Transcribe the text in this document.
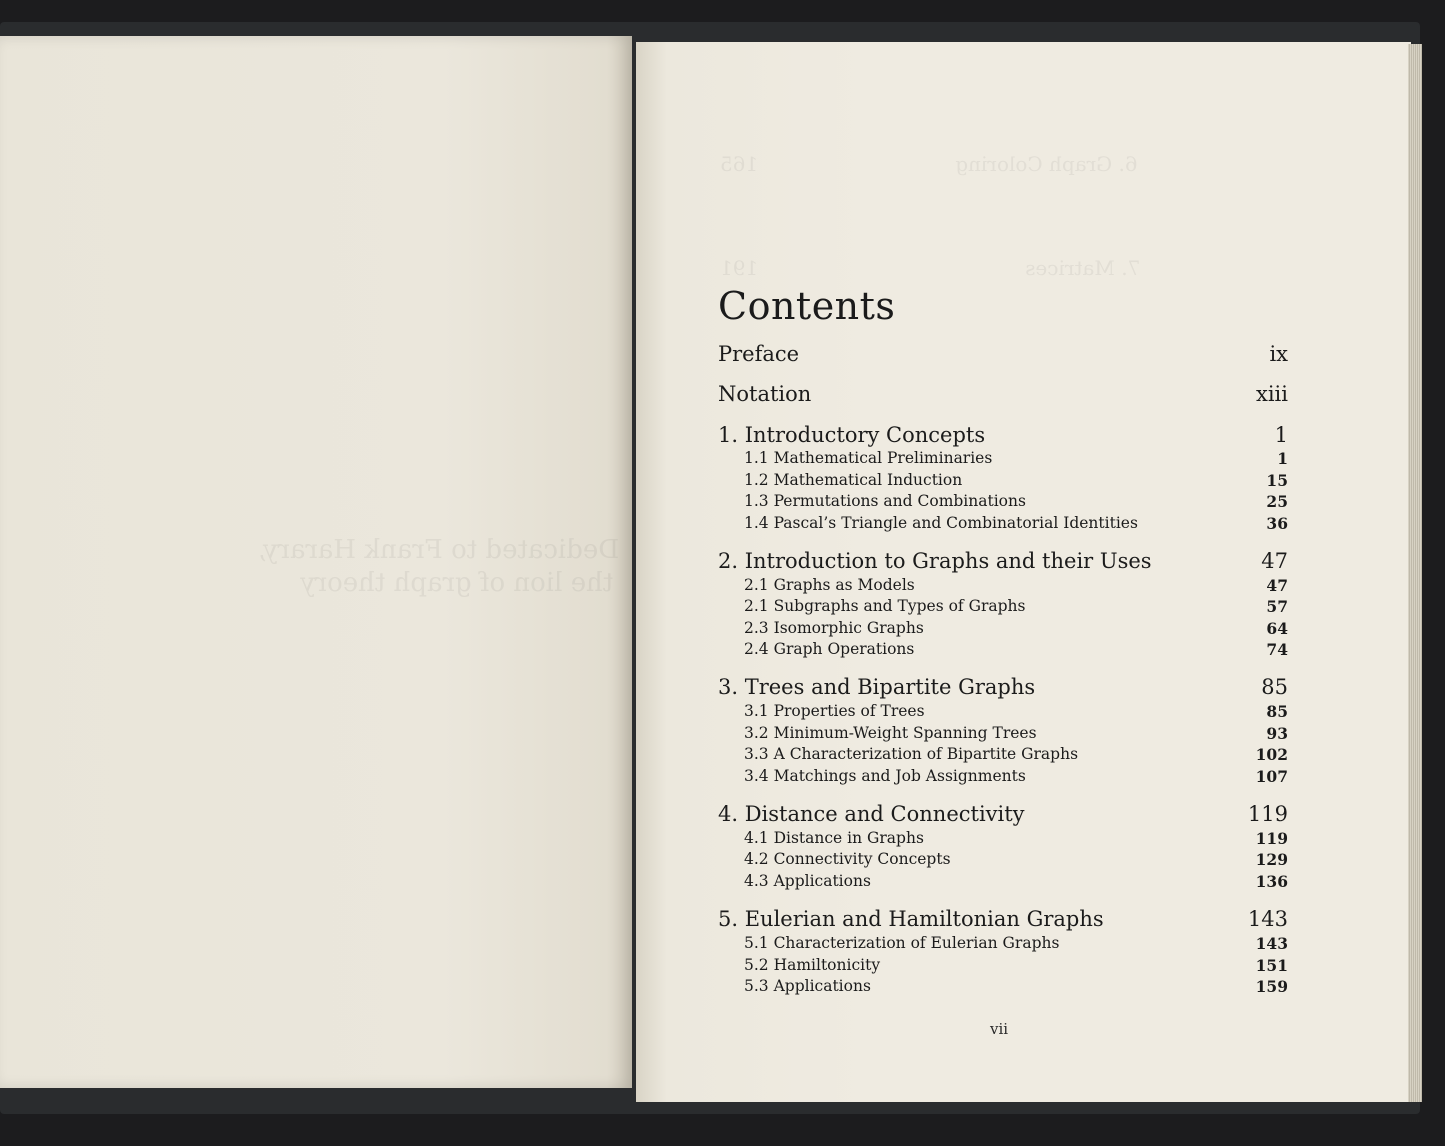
Dedicated to Frank Harary,
the lion of graph theory
6. Graph Coloring                               165
7. Matrices                                          191
Contents
Preface	ix
Notation	xiii
1. Introductory Concepts	1
1.1 Mathematical Preliminaries	1
1.2 Mathematical Induction	15
1.3 Permutations and Combinations	25
1.4 Pascal’s Triangle and Combinatorial Identities	36
2. Introduction to Graphs and their Uses	47
2.1 Graphs as Models	47
2.1 Subgraphs and Types of Graphs	57
2.3 Isomorphic Graphs	64
2.4 Graph Operations	74
3. Trees and Bipartite Graphs	85
3.1 Properties of Trees	85
3.2 Minimum-Weight Spanning Trees	93
3.3 A Characterization of Bipartite Graphs	102
3.4 Matchings and Job Assignments	107
4. Distance and Connectivity	119
4.1 Distance in Graphs	119
4.2 Connectivity Concepts	129
4.3 Applications	136
5. Eulerian and Hamiltonian Graphs	143
5.1 Characterization of Eulerian Graphs	143
5.2 Hamiltonicity	151
5.3 Applications	159
vii
